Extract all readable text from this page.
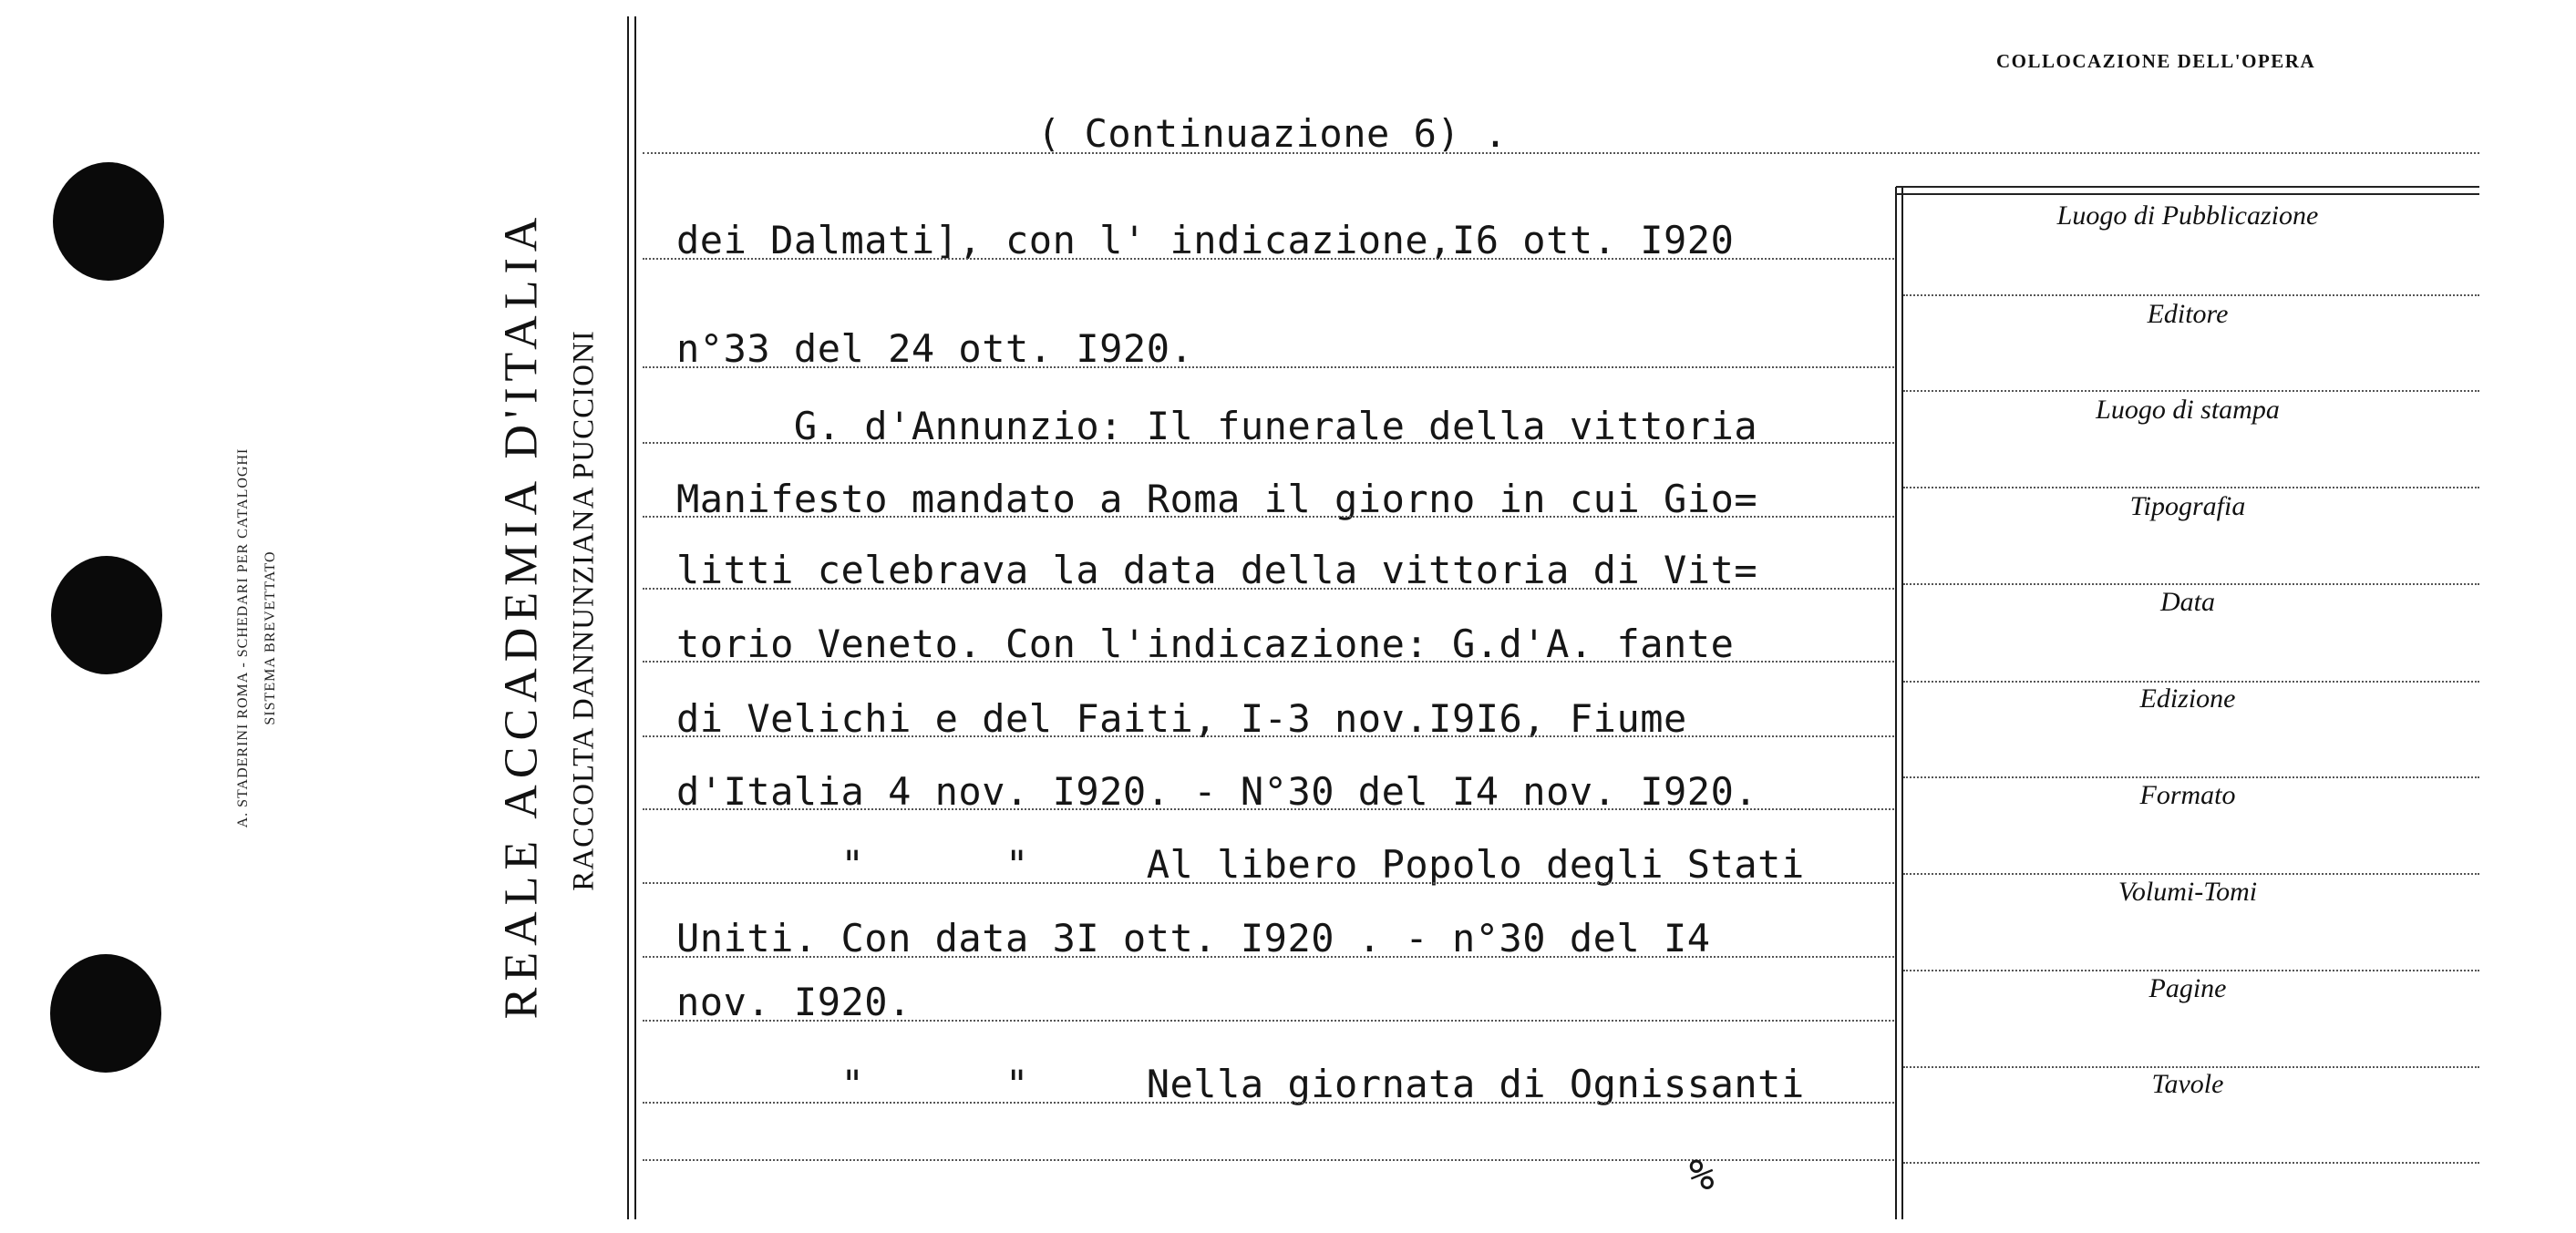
A. STADERINI ROMA - SCHEDARI PER CATALOGHI SISTEMA BREVETTATO	REALE ACCADEMIA D'ITALIA RACCOLTA DANNUNZIANA PUCCIONI
COLLOCAZIONE DELL'OPERA
( Continuazione 6) .
dei Dalmati], con l' indicazione,I6 ott. I920
n°33 del 24 ott. I920.
G. d'Annunzio: Il funerale della vittoria
Manifesto mandato a Roma il giorno in cui Gio=
litti celebrava la data della vittoria di Vit=
torio Veneto. Con l'indicazione: G.d'A. fante
di Velichi e del Faiti, I-3 nov.I9I6, Fiume
d'Italia 4 nov. I920. - N°30 del I4 nov. I920.
"      "     Al libero Popolo degli Stati
Uniti. Con data 3I ott. I920 . - n°30 del I4
nov. I920.
"      "     Nella giornata di Ognissanti
%
Luogo di Pubblicazione
Editore
Luogo di stampa
Tipografia
Data
Edizione
Formato
Volumi-Tomi
Pagine
Tavole
